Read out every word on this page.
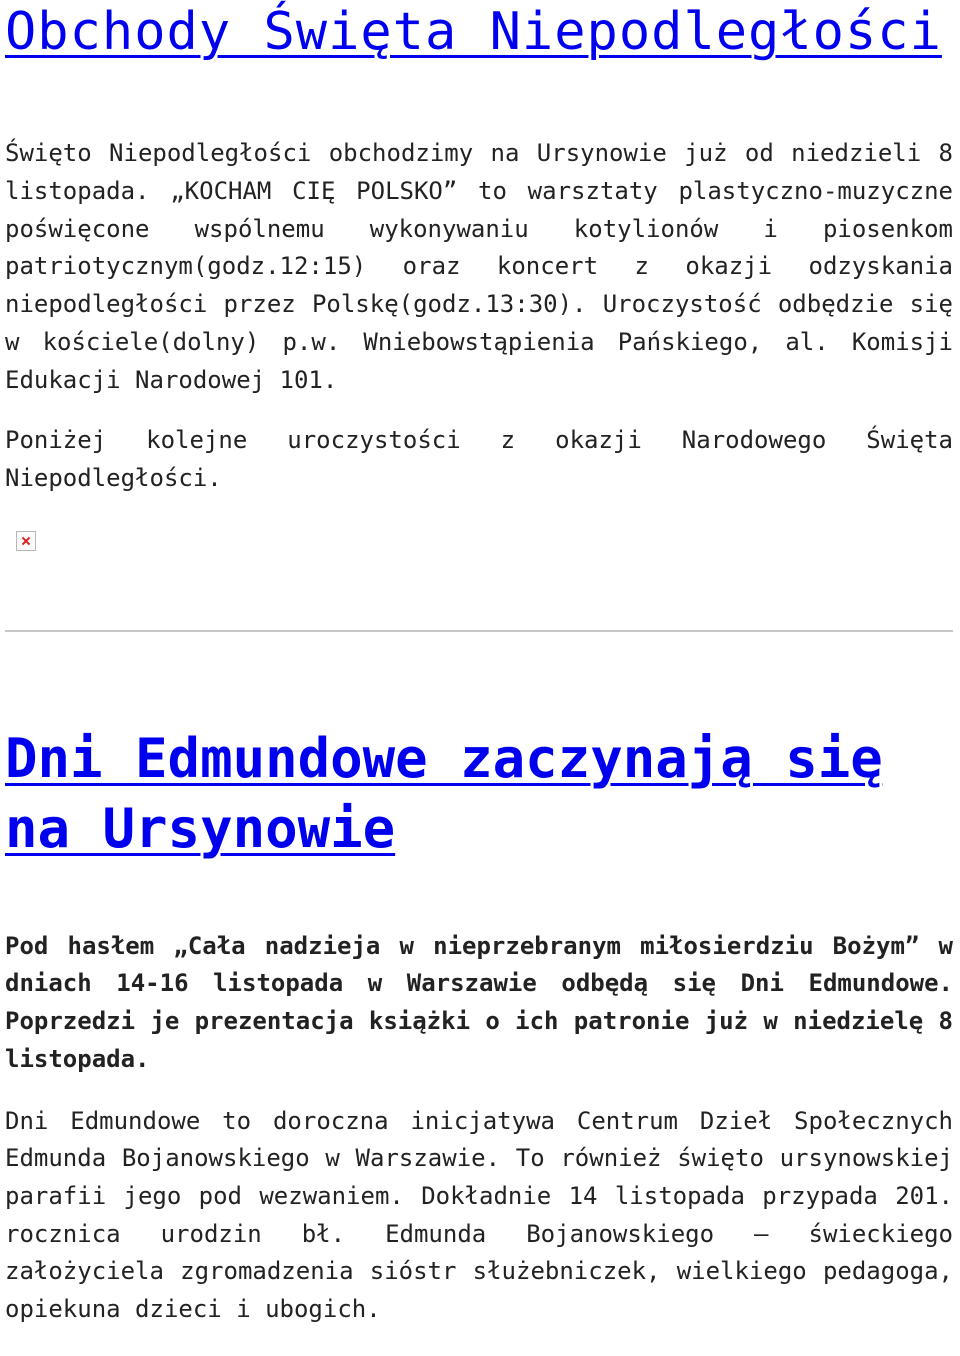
Obchody Święta Niepodległości

Święto Niepodległości obchodzimy na Ursynowie już od niedzieli 8 listopada. „KOCHAM CIĘ POLSKO” to warsztaty plastyczno-muzyczne poświęcone wspólnemu wykonywaniu kotylionów i piosenkom patriotycznym(godz.12:15) oraz koncert z okazji odzyskania niepodległości przez Polskę(godz.13:30). Uroczystość odbędzie się w kościele(dolny) p.w. Wniebowstąpienia Pańskiego, al. Komisji Edukacji Narodowej 101.

Poniżej kolejne uroczystości z okazji Narodowego Święta Niepodległości.

Dni Edmundowe zaczynają się na Ursynowie

Pod hasłem „Cała nadzieja w nieprzebranym miłosierdziu Bożym” w dniach 14-16 listopada w Warszawie odbędą się Dni Edmundowe. Poprzedzi je prezentacja książki o ich patronie już w niedzielę 8 listopada.

Dni Edmundowe to doroczna inicjatywa Centrum Dzieł Społecznych Edmunda Bojanowskiego w Warszawie. To również święto ursynowskiej parafii jego pod wezwaniem. Dokładnie 14 listopada przypada 201. rocznica urodzin bł. Edmunda Bojanowskiego – świeckiego założyciela zgromadzenia sióstr służebniczek, wielkiego pedagoga, opiekuna dzieci i ubogich.
